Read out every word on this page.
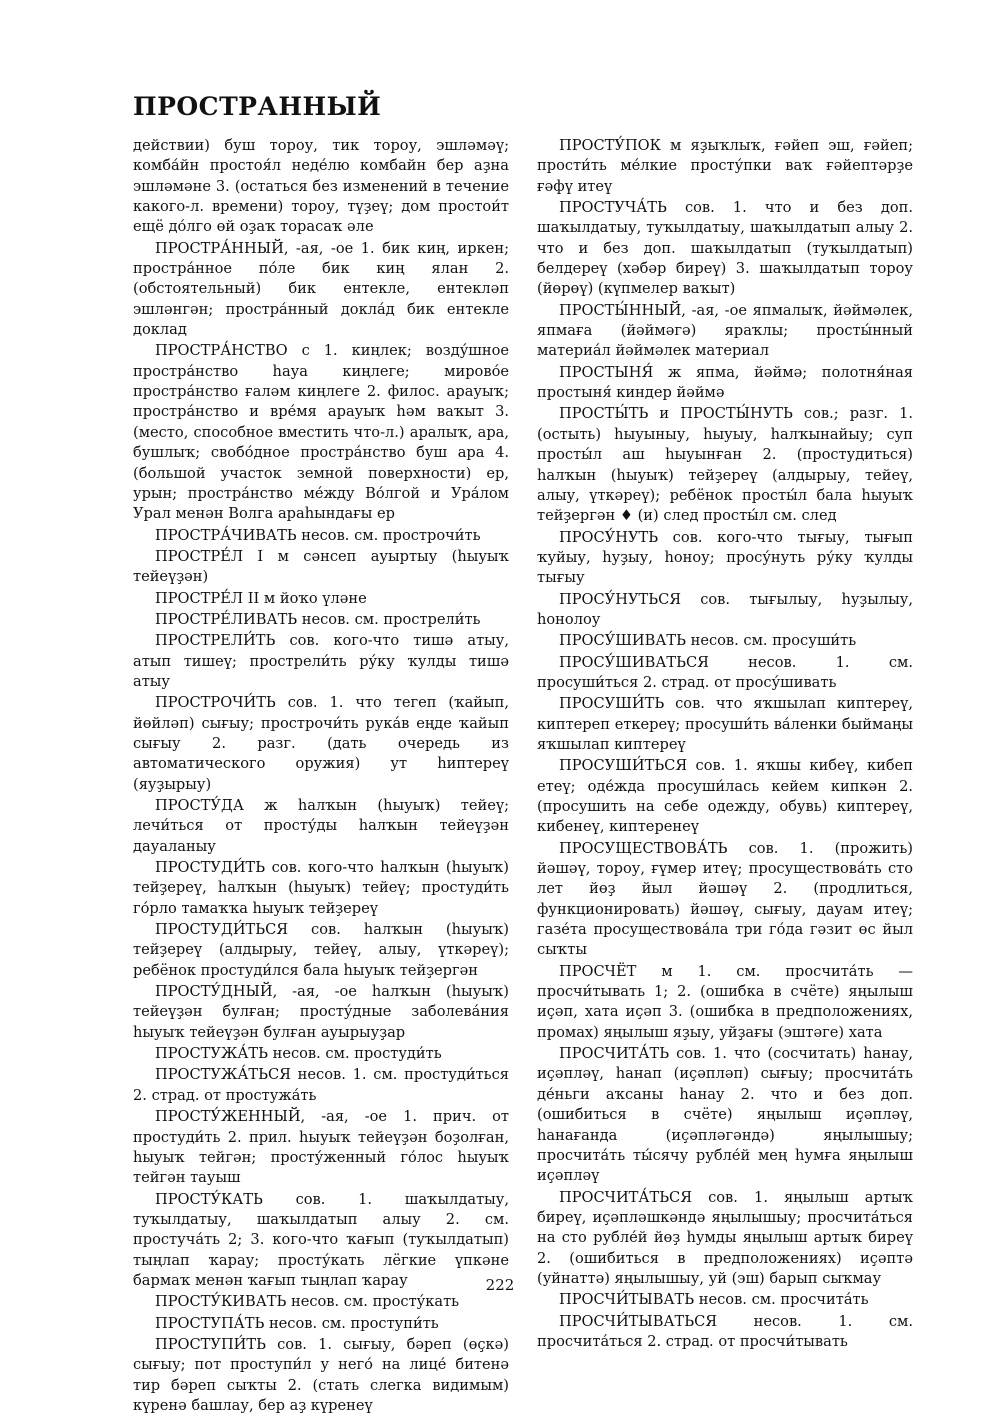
ПРОСТРАННЫЙ

действии) буш тороу, тик тороу, эшләмәү; комба́йн простоя́л неде́лю комбайн бер аҙна эшләмәне 3. (остаться без изменений в течение какого-л. времени) тороу, түҙеү; дом простои́т ещё до́лго өй оҙаҡ торасаҡ әле

ПРОСТРА́ННЫЙ, -ая, -ое 1. бик киң, иркен; простра́нное по́ле бик киң ялан 2. (обстоятельный) бик ентекле, ентекләп эшләнгән; простра́нный докла́д бик ентекле доклад

ПРОСТРА́НСТВО с 1. киңлек; возду́шное простра́нство һауа киңлеге; мирово́е простра́нство ғаләм киңлеге 2. филос. арауыҡ; простра́нство и вре́мя арауыҡ һәм ваҡыт 3. (место, способное вместить что-л.) аралыҡ, ара, бушлыҡ; свобо́дное простра́нство буш ара 4. (большой участок земной поверхности) ер, урын; простра́нство ме́жду Во́лгой и Ура́лом Урал менән Волга араһындағы ер

ПРОСТРА́ЧИВАТЬ несов. см. прострочи́ть

ПРОСТРЕ́Л I м сәнсеп ауыртыу (һыуыҡ тейеүҙән)

ПРОСТРЕ́Л II м йоҡо үләне

ПРОСТРЕ́ЛИВАТЬ несов. см. прострели́ть

ПРОСТРЕЛИ́ТЬ сов. кого-что тишә атыу, атып тишеү; прострели́ть ру́ку ҡулды тишә атыу

ПРОСТРОЧИ́ТЬ сов. 1. что тегеп (ҡайып, йөйләп) сығыу; прострочи́ть рука́в еңде ҡайып сығыу 2. разг. (дать очередь из автоматического оружия) ут һиптереү (яуҙырыу)

ПРОСТУ́ДА ж һалҡын (һыуыҡ) тейеү; лечи́ться от просту́ды һалҡын тейеүҙән дауаланыу

ПРОСТУДИ́ТЬ сов. кого-что һалҡын (һыуыҡ) тейҙереү, һалҡын (һыуыҡ) тейеү; простуди́ть го́рло тамаҡҡа һыуыҡ тейҙереү

ПРОСТУДИ́ТЬСЯ сов. һалҡын (һыуыҡ) тейҙереү (алдырыу, тейеү, алыу, үткәреү); ребёнок простуди́лся бала һыуыҡ тейҙергән

ПРОСТУ́ДНЫЙ, -ая, -ое һалҡын (һыуыҡ) тейеүҙән булған; просту́дные заболева́ния һыуыҡ тейеүҙән булған ауырыуҙар

ПРОСТУЖА́ТЬ несов. см. простуди́ть

ПРОСТУЖА́ТЬСЯ несов. 1. см. простуди́ться 2. страд. от простужа́ть

ПРОСТУ́ЖЕННЫЙ, -ая, -ое 1. прич. от простуди́ть 2. прил. һыуыҡ тейеүҙән боҙолған, һыуыҡ тейгән; просту́женный го́лос һыуыҡ тейгән тауыш

ПРОСТУ́КАТЬ сов. 1. шаҡылдатыу, туҡылдатыу, шаҡылдатып алыу 2. см. простуча́ть 2; 3. кого-что ҡағып (туҡылдатып) тыңлап ҡарау; просту́кать лёгкие үпкәне бармаҡ менән ҡағып тыңлап ҡарау

ПРОСТУ́КИВАТЬ несов. см. просту́кать

ПРОСТУПА́ТЬ несов. см. проступи́ть

ПРОСТУПИ́ТЬ сов. 1. сығыу, бәреп (өҫкә) сығыу; пот проступи́л у него́ на лице́ битенә тир бәреп сыҡты 2. (стать слегка видимым) күренә башлау, бер аҙ күренеү

ПРОСТУ́ПОК м яҙыҡлыҡ, ғәйеп эш, ғәйеп; прости́ть ме́лкие просту́пки ваҡ ғәйептәрҙе ғәфү итеү

ПРОСТУЧА́ТЬ сов. 1. что и без доп. шаҡылдатыу, туҡылдатыу, шаҡылдатып алыу 2. что и без доп. шаҡылдатып (туҡылдатып) белдереү (хәбәр биреү) 3. шаҡылдатып тороу (йөрөү) (күпмелер ваҡыт)

ПРОСТЫ́ННЫЙ, -ая, -ое япмалыҡ, йәймәлек, япмаға (йәймәгә) яраҡлы; просты́нный материа́л йәймәлек материал

ПРОСТЫНЯ́ ж япма, йәймә; полотня́ная простыня́ киндер йәймә

ПРОСТЫ́ТЬ и ПРОСТЫ́НУТЬ сов.; разг. 1. (остыть) һыуыныу, һыуыу, һалҡынайыу; суп просты́л аш һыуынған 2. (простудиться) һалҡын (һыуыҡ) тейҙереү (алдырыу, тейеү, алыу, үткәреү); ребёнок просты́л бала һыуыҡ тейҙергән ♦ (и) след просты́л см. след

ПРОСУ́НУТЬ сов. кого-что тығыу, тығып ҡуйыу, һуҙыу, һоноу; просу́нуть ру́ку ҡулды тығыу

ПРОСУ́НУТЬСЯ сов. тығылыу, һуҙылыу, һонолоу

ПРОСУ́ШИВАТЬ несов. см. просуши́ть

ПРОСУ́ШИВАТЬСЯ несов. 1. см. просуши́ться 2. страд. от просу́шивать

ПРОСУШИ́ТЬ сов. что яҡшылап киптереү, киптереп еткереү; просуши́ть ва́ленки быймаңы яҡшылап киптереү

ПРОСУШИ́ТЬСЯ сов. 1. яҡшы кибеү, кибеп етеү; оде́жда просуши́лась кейем кипкән 2. (просушить на себе одежду, обувь) киптереү, кибенеү, киптеренеү

ПРОСУЩЕСТВОВА́ТЬ сов. 1. (прожить) йәшәү, тороу, ғүмер итеү; просуществова́ть сто лет йөҙ йыл йәшәү 2. (продлиться, функционировать) йәшәү, сығыу, дауам итеү; газе́та просуществова́ла три го́да гәзит өс йыл сыҡты

ПРОСЧЁТ м 1. см. просчита́ть — просчи́тывать 1; 2. (ошибка в счёте) яңылыш иҫәп, хата иҫәп 3. (ошибка в предположениях, промах) яңылыш яҙыу, уйҙағы (эштәге) хата

ПРОСЧИТА́ТЬ сов. 1. что (сосчитать) һанау, иҫәпләү, һанап (иҫәпләп) сығыу; просчита́ть де́ньги аҡсаны һанау 2. что и без доп. (ошибиться в счёте) яңылыш иҫәпләү, һанағанда (иҫәпләгәндә) яңылышыу; просчита́ть ты́сячу рубле́й мең һумға яңылыш иҫәпләү

ПРОСЧИТА́ТЬСЯ сов. 1. яңылыш артыҡ биреү, иҫәпләшкәндә яңылышыу; просчита́ться на сто рубле́й йөҙ һумды яңылыш артыҡ биреү 2. (ошибиться в предположениях) иҫәптә (уйнаттә) яңылышыу, уй (эш) барып сыҡмау

ПРОСЧИ́ТЫВАТЬ несов. см. просчита́ть

ПРОСЧИ́ТЫВАТЬСЯ несов. 1. см. просчита́ться 2. страд. от просчи́тывать

222
